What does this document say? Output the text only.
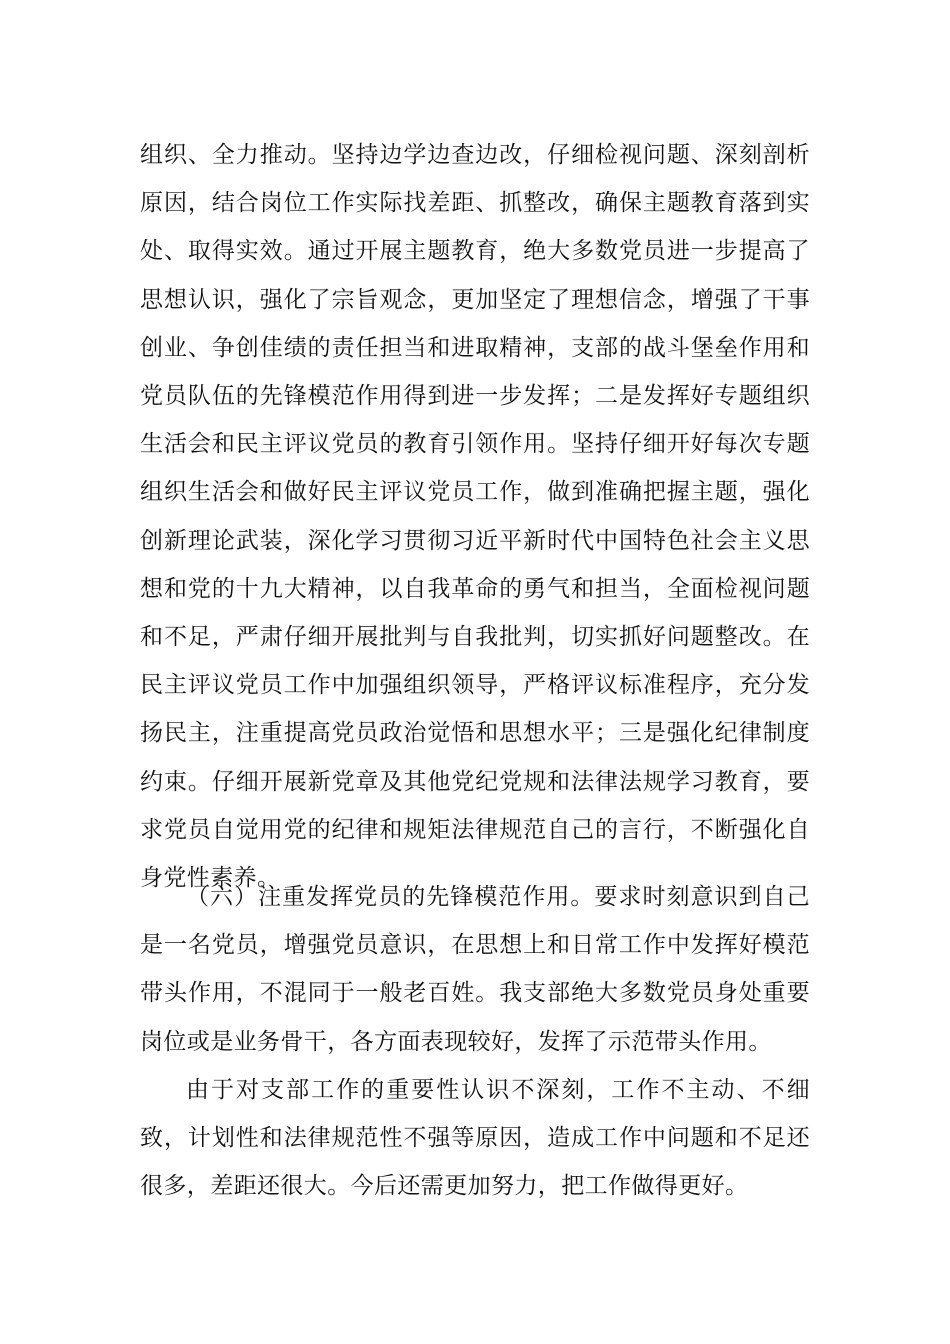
组织、全力推动。坚持边学边查边改，仔细检视问题、深刻剖析原因，结合岗位工作实际找差距、抓整改，确保主题教育落到实处、取得实效。通过开展主题教育，绝大多数党员进一步提高了思想认识，强化了宗旨观念，更加坚定了理想信念，增强了干事创业、争创佳绩的责任担当和进取精神，支部的战斗堡垒作用和党员队伍的先锋模范作用得到进一步发挥；二是发挥好专题组织生活会和民主评议党员的教育引领作用。坚持仔细开好每次专题组织生活会和做好民主评议党员工作，做到准确把握主题，强化创新理论武装，深化学习贯彻习近平新时代中国特色社会主义思想和党的十九大精神，以自我革命的勇气和担当，全面检视问题和不足，严肃仔细开展批判与自我批判，切实抓好问题整改。在民主评议党员工作中加强组织领导，严格评议标准程序，充分发扬民主，注重提高党员政治觉悟和思想水平；三是强化纪律制度约束。仔细开展新党章及其他党纪党规和法律法规学习教育，要求党员自觉用党的纪律和规矩法律规范自己的言行，不断强化自身党性素养。

（六）注重发挥党员的先锋模范作用。要求时刻意识到自己是一名党员，增强党员意识，在思想上和日常工作中发挥好模范带头作用，不混同于一般老百姓。我支部绝大多数党员身处重要岗位或是业务骨干，各方面表现较好，发挥了示范带头作用。

由于对支部工作的重要性认识不深刻，工作不主动、不细致，计划性和法律规范性不强等原因，造成工作中问题和不足还很多，差距还很大。今后还需更加努力，把工作做得更好。
